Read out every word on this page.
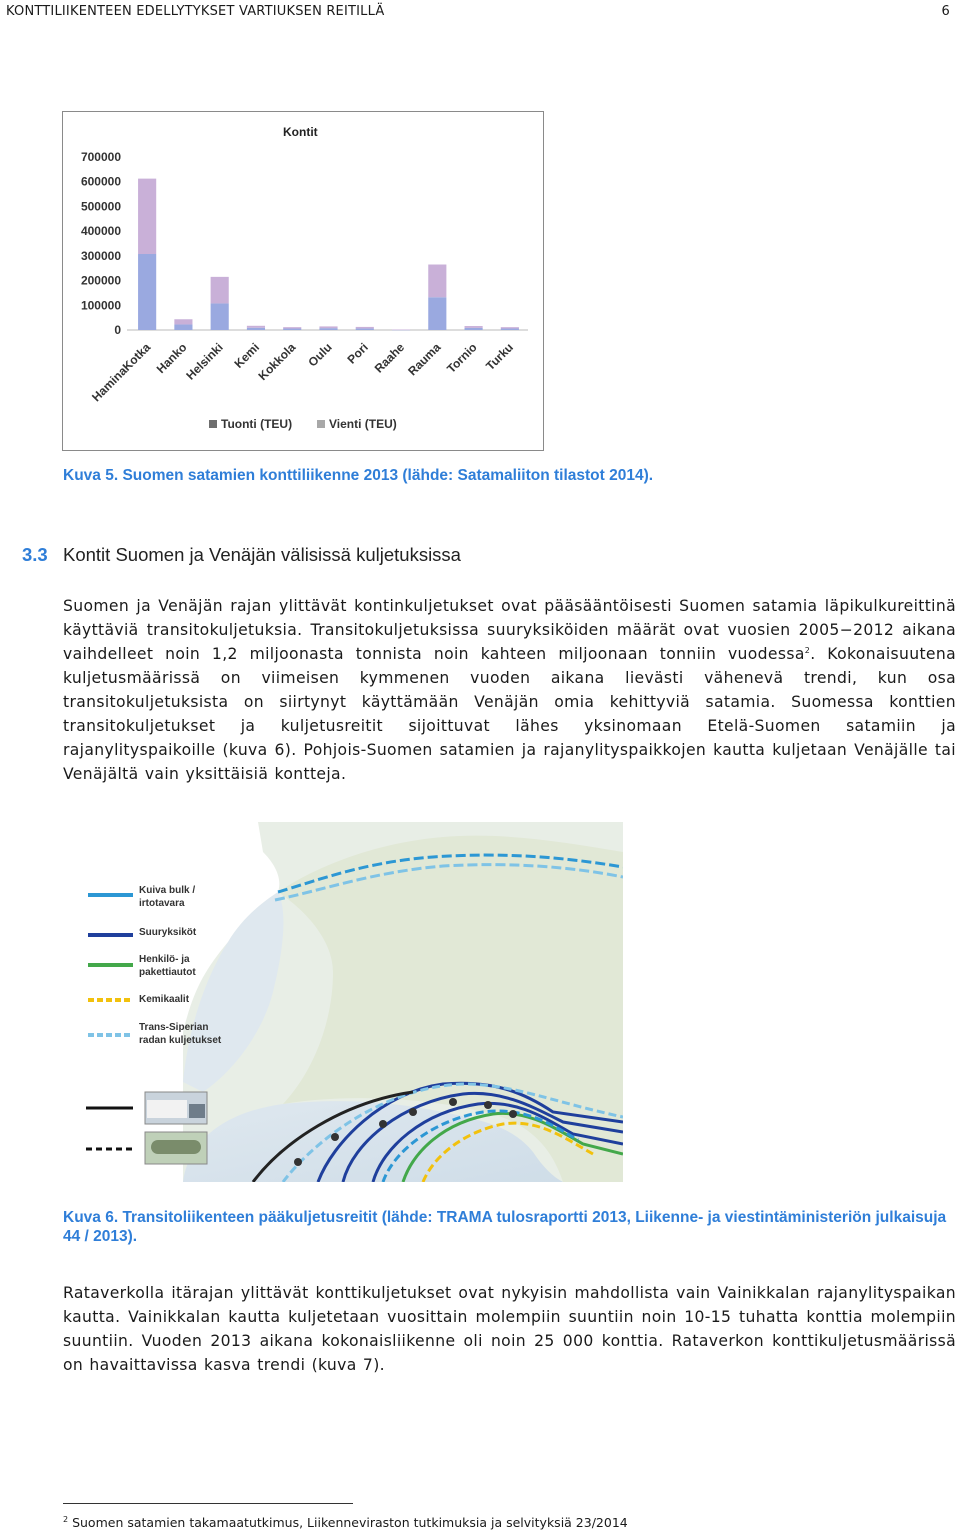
KONTTILIIKENTEEN EDELLYTYKSET VARTIUKSEN REITILLÄ	6
Kontit
700000
600000
500000
400000
300000
200000
100000
0
HaminaKotka Hanko
Helsinki Kemi
Kokkola Oulu Pori Raahe
Rauma Tornio Turku
Tuonti (TEU)	Vienti (TEU)
Kuva 5. Suomen satamien konttiliikenne 2013 (lähde: Satamaliiton tilastot 2014).
3.3 Kontit Suomen ja Venäjän välisissä kuljetuksissa
Suomen ja Venäjän rajan ylittävät kontinkuljetukset ovat pääsääntöisesti Suomen satamia läpikulkureittinä käyttäviä transitokuljetuksia. Transitokuljetuksissa suuryksiköiden määrät ovat vuosien 2005−2012 aikana vaihdelleet noin 1,2 miljoonasta tonnista noin kahteen miljoonaan tonniin vuodessa$^2$. Kokonaisuutena kuljetusmäärissä on viimeisen kymmenen vuoden aikana lievästi vähenevä trendi, kun osa transitokuljetuksista on siirtynyt käyttämään Venäjän omia kehittyviä satamia. Suomessa konttien transitokuljetukset ja kuljetusreitit sijoittuvat lähes yksinomaan Etelä-Suomen satamiin ja rajanylityspaikoille (kuva 6). Pohjois-Suomen satamien ja rajanylityspaikkojen kautta kuljetaan Venäjälle tai Venäjältä vain yksittäisiä kontteja.
Kuiva bulk /
irtotavara
Suuryksiköt
Henkilö- ja
pakettiautot
Kemikaalit
Trans-Siperian
radan kuljetukset
Kuva 6. Transitoliikenteen pääkuljetusreitit (lähde: TRAMA tulosraportti 2013, Liikenne- ja viestintäministeriön julkaisuja 44 / 2013).
Rataverkolla itärajan ylittävät konttikuljetukset ovat nykyisin mahdollista vain Vainikkalan rajanylityspaikan kautta. Vainikkalan kautta kuljetetaan vuosittain molempiin suuntiin noin 10-15 tuhatta konttia molempiin suuntiin. Vuoden 2013 aikana kokonaisliikenne oli noin 25 000 konttia. Rataverkon konttikuljetusmäärissä on havaittavissa kasva trendi (kuva 7).
$^2$ Suomen satamien takamaatutkimus, Liikenneviraston tutkimuksia ja selvityksiä 23/2014
